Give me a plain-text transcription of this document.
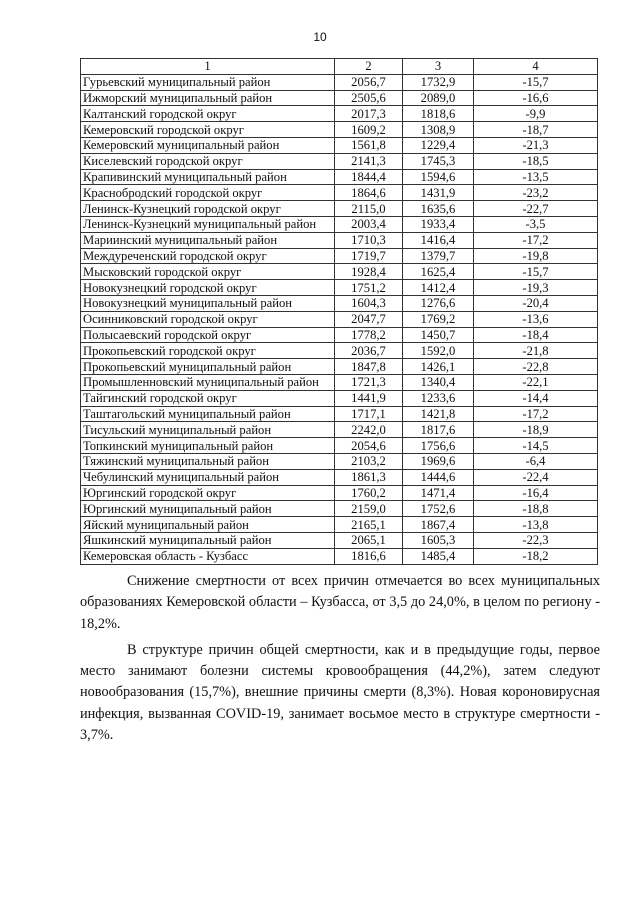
10
1	2	3	4
Гурьевский муниципальный район	2056,7	1732,9	-15,7
Ижморский муниципальный район	2505,6	2089,0	-16,6
Калтанский городской округ	2017,3	1818,6	-9,9
Кемеровский городской округ	1609,2	1308,9	-18,7
Кемеровский муниципальный район	1561,8	1229,4	-21,3
Киселевский городской округ	2141,3	1745,3	-18,5
Крапивинский муниципальный район	1844,4	1594,6	-13,5
Краснобродский городской округ	1864,6	1431,9	-23,2
Ленинск-Кузнецкий городской округ	2115,0	1635,6	-22,7
Ленинск-Кузнецкий муниципальный район	2003,4	1933,4	-3,5
Мариинский муниципальный район	1710,3	1416,4	-17,2
Междуреченский городской округ	1719,7	1379,7	-19,8
Мысковский городской округ	1928,4	1625,4	-15,7
Новокузнецкий городской округ	1751,2	1412,4	-19,3
Новокузнецкий муниципальный район	1604,3	1276,6	-20,4
Осинниковский городской округ	2047,7	1769,2	-13,6
Полысаевский городской округ	1778,2	1450,7	-18,4
Прокопьевский городской округ	2036,7	1592,0	-21,8
Прокопьевский муниципальный район	1847,8	1426,1	-22,8
Промышленновский муниципальный район	1721,3	1340,4	-22,1
Тайгинский городской округ	1441,9	1233,6	-14,4
Таштагольский муниципальный район	1717,1	1421,8	-17,2
Тисульский муниципальный район	2242,0	1817,6	-18,9
Топкинский муниципальный район	2054,6	1756,6	-14,5
Тяжинский муниципальный район	2103,2	1969,6	-6,4
Чебулинский муниципальный район	1861,3	1444,6	-22,4
Юргинский городской округ	1760,2	1471,4	-16,4
Юргинский муниципальный район	2159,0	1752,6	-18,8
Яйский муниципальный район	2165,1	1867,4	-13,8
Яшкинский муниципальный район	2065,1	1605,3	-22,3
Кемеровская область - Кузбасс	1816,6	1485,4	-18,2

Снижение смертности от всех причин отмечается во всех муниципальных образованиях Кемеровской области – Кузбасса, от 3,5 до 24,0%, в целом по региону - 18,2%.

В структуре причин общей смертности, как и в предыдущие годы, первое место занимают болезни системы кровообращения (44,2%), затем следуют новообразования (15,7%), внешние причины смерти (8,3%). Новая короновирусная инфекция, вызванная COVID-19, занимает восьмое место в структуре смертности - 3,7%.
